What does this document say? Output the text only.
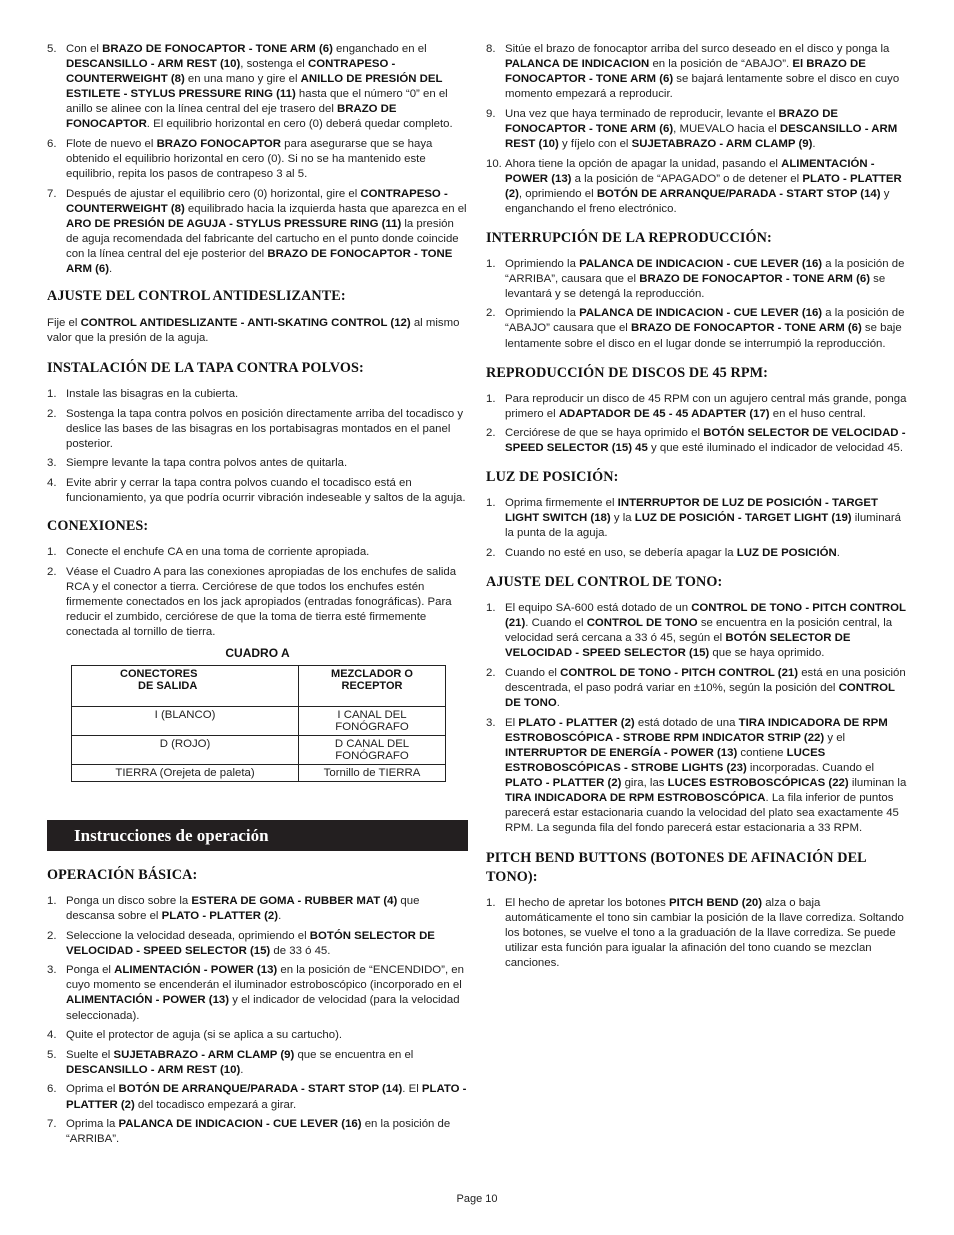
5. Con el BRAZO DE FONOCAPTOR - TONE ARM (6) enganchado en el DESCANSILLO - ARM REST (10), sostenga el CONTRAPESO - COUNTERWEIGHT (8) en una mano y gire el ANILLO DE PRESIÓN DEL ESTILETE - STYLUS PRESSURE RING (11) hasta que el número “0” en el anillo se alinee con la línea central del eje trasero del BRAZO DE FONOCAPTOR. El equilibrio horizontal en cero (0) deberá quedar completo.
6. Flote de nuevo el BRAZO FONOCAPTOR para asegurarse que se haya obtenido el equilibrio horizontal en cero (0). Si no se ha mantenido este equilibrio, repita los pasos de contrapeso 3 al 5.
7. Después de ajustar el equilibrio cero (0) horizontal, gire el CONTRAPESO - COUNTERWEIGHT (8) equilibrado hacia la izquierda hasta que aparezca en el ARO DE PRESIÓN DE AGUJA - STYLUS PRESSURE RING (11) la presión de aguja recomendada del fabricante del cartucho en el punto donde coincide con la línea central del eje posterior del BRAZO DE FONOCAPTOR - TONE ARM (6).
AJUSTE DEL CONTROL ANTIDESLIZANTE:

Fije el CONTROL ANTIDESLIZANTE - ANTI-SKATING CONTROL (12) al mismo valor que la presión de la aguja.

INSTALACIÓN DE LA TAPA CONTRA POLVOS:
1. Instale las bisagras en la cubierta.
2. Sostenga la tapa contra polvos en posición directamente arriba del tocadisco y deslice las bases de las bisagras en los portabisagras montados en el panel posterior.
3. Siempre levante la tapa contra polvos antes de quitarla.
4. Evite abrir y cerrar la tapa contra polvos cuando el tocadisco está en funcionamiento, ya que podría ocurrir vibración indeseable y saltos de la aguja.
CONEXIONES:
1. Conecte el enchufe CA en una toma de corriente apropiada.
2. Véase el Cuadro A para las conexiones apropiadas de los enchufes de salida RCA y el conector a tierra. Cerciórese de que todos los enchufes estén firmemente conectados en los jack apropiados (entradas fonográficas). Para reducir el zumbido, cerciórese de que la toma de tierra esté firmemente conectada al tornillo de tierra.
CUADRO A
CONECTORES
DE SALIDA	MEZCLADOR O RECEPTOR
I (BLANCO)	I CANAL DEL FONÓGRAFO
D (ROJO)	D CANAL DEL FONÓGRAFO
TIERRA (Orejeta de paleta)	Tornillo de TIERRA
Instrucciones de operación
OPERACIÓN BÁSICA:
1. Ponga un disco sobre la ESTERA DE GOMA - RUBBER MAT (4) que descansa sobre el PLATO - PLATTER (2).
2. Seleccione la velocidad deseada, oprimiendo el BOTÓN SELECTOR DE VELOCIDAD - SPEED SELECTOR (15) de 33 ó 45.
3. Ponga el ALIMENTACIÓN - POWER (13) en la posición de “ENCENDIDO”, en cuyo momento se encenderán el iluminador estroboscópico (incorporado en el ALIMENTACIÓN - POWER (13) y el indicador de velocidad (para la velocidad seleccionada).
4. Quite el protector de aguja (si se aplica a su cartucho).
5. Suelte el SUJETABRAZO - ARM CLAMP (9) que se encuentra en el DESCANSILLO - ARM REST (10).
6. Oprima el BOTÓN DE ARRANQUE/PARADA - START STOP (14). El PLATO - PLATTER (2) del tocadisco empezará a girar.
7. Oprima la PALANCA DE INDICACION - CUE LEVER (16) en la posición de “ARRIBA”.
8. Sitúe el brazo de fonocaptor arriba del surco deseado en el disco y ponga la PALANCA DE INDICACION en la posición de “ABAJO”. El BRAZO DE FONOCAPTOR - TONE ARM (6) se bajará lentamente sobre el disco en cuyo momento empezará a reproducir.
9. Una vez que haya terminado de reproducir, levante el BRAZO DE FONOCAPTOR - TONE ARM (6), MUEVALO hacia el DESCANSILLO - ARM REST (10) y fíjelo con el SUJETABRAZO - ARM CLAMP (9).
10. Ahora tiene la opción de apagar la unidad, pasando el ALIMENTACIÓN - POWER (13) a la posición de “APAGADO” o de detener el PLATO - PLATTER (2), oprimiendo el BOTÓN DE ARRANQUE/PARADA - START STOP (14) y enganchando el freno electrónico.
INTERRUPCIÓN DE LA REPRODUCCIÓN:
1. Oprimiendo la PALANCA DE INDICACION - CUE LEVER (16) a la posición de “ARRIBA”, causara que el BRAZO DE FONOCAPTOR - TONE ARM (6) se levantará y se detengá la reproducción.
2. Oprimiendo la PALANCA DE INDICACION - CUE LEVER (16) a la posición de “ABAJO” causara que el BRAZO DE FONOCAPTOR - TONE ARM (6) se baje lentamente sobre el disco en el lugar donde se interrumpió la reproducción.
REPRODUCCIÓN DE DISCOS DE 45 RPM:
1. Para reproducir un disco de 45 RPM con un agujero central más grande, ponga primero el ADAPTADOR DE 45 - 45 ADAPTER (17) en el huso central.
2. Cerciórese de que se haya oprimido el BOTÓN SELECTOR DE VELOCIDAD - SPEED SELECTOR (15) 45 y que esté iluminado el indicador de velocidad 45.
LUZ DE POSICIÓN:
1. Oprima firmemente el INTERRUPTOR DE LUZ DE POSICIÓN - TARGET LIGHT SWITCH (18) y la LUZ DE POSICIÓN - TARGET LIGHT (19) iluminará la punta de la aguja.
2. Cuando no esté en uso, se debería apagar la LUZ DE POSICIÓN.
AJUSTE DEL CONTROL DE TONO:
1. El equipo SA-600 está dotado de un CONTROL DE TONO - PITCH CONTROL (21). Cuando el CONTROL DE TONO se encuentra en la posición central, la velocidad será cercana a 33 ó 45, según el BOTÓN SELECTOR DE VELOCIDAD - SPEED SELECTOR (15) que se haya oprimido.
2. Cuando el CONTROL DE TONO - PITCH CONTROL (21) está en una posición descentrada, el paso podrá variar en ±10%, según la posición del CONTROL DE TONO.
3. El PLATO - PLATTER (2) está dotado de una TIRA INDICADORA DE RPM ESTROBOSCÓPICA - STROBE RPM INDICATOR STRIP (22) y el INTERRUPTOR DE ENERGÍA - POWER (13) contiene LUCES ESTROBOSCÓPICAS - STROBE LIGHTS (23) incorporadas. Cuando el PLATO - PLATTER (2) gira, las LUCES ESTROBOSCÓPICAS (22) iluminan la TIRA INDICADORA DE RPM ESTROBOSCÓPICA. La fila inferior de puntos parecerá estar estacionaria cuando la velocidad del plato sea exactamente 45 RPM. La segunda fila del fondo parecerá estar estacionaria a 33 RPM.
PITCH BEND BUTTONS (BOTONES DE AFINACIÓN DEL TONO):
1. El hecho de apretar los botones PITCH BEND (20) alza o baja automáticamente el tono sin cambiar la posición de la llave corrediza. Soltando los botones, se vuelve el tono a la graduación de la llave corrediza. Se puede utilizar esta función para igualar la afinación del tono cuando se mezclan canciones.
Page 10
